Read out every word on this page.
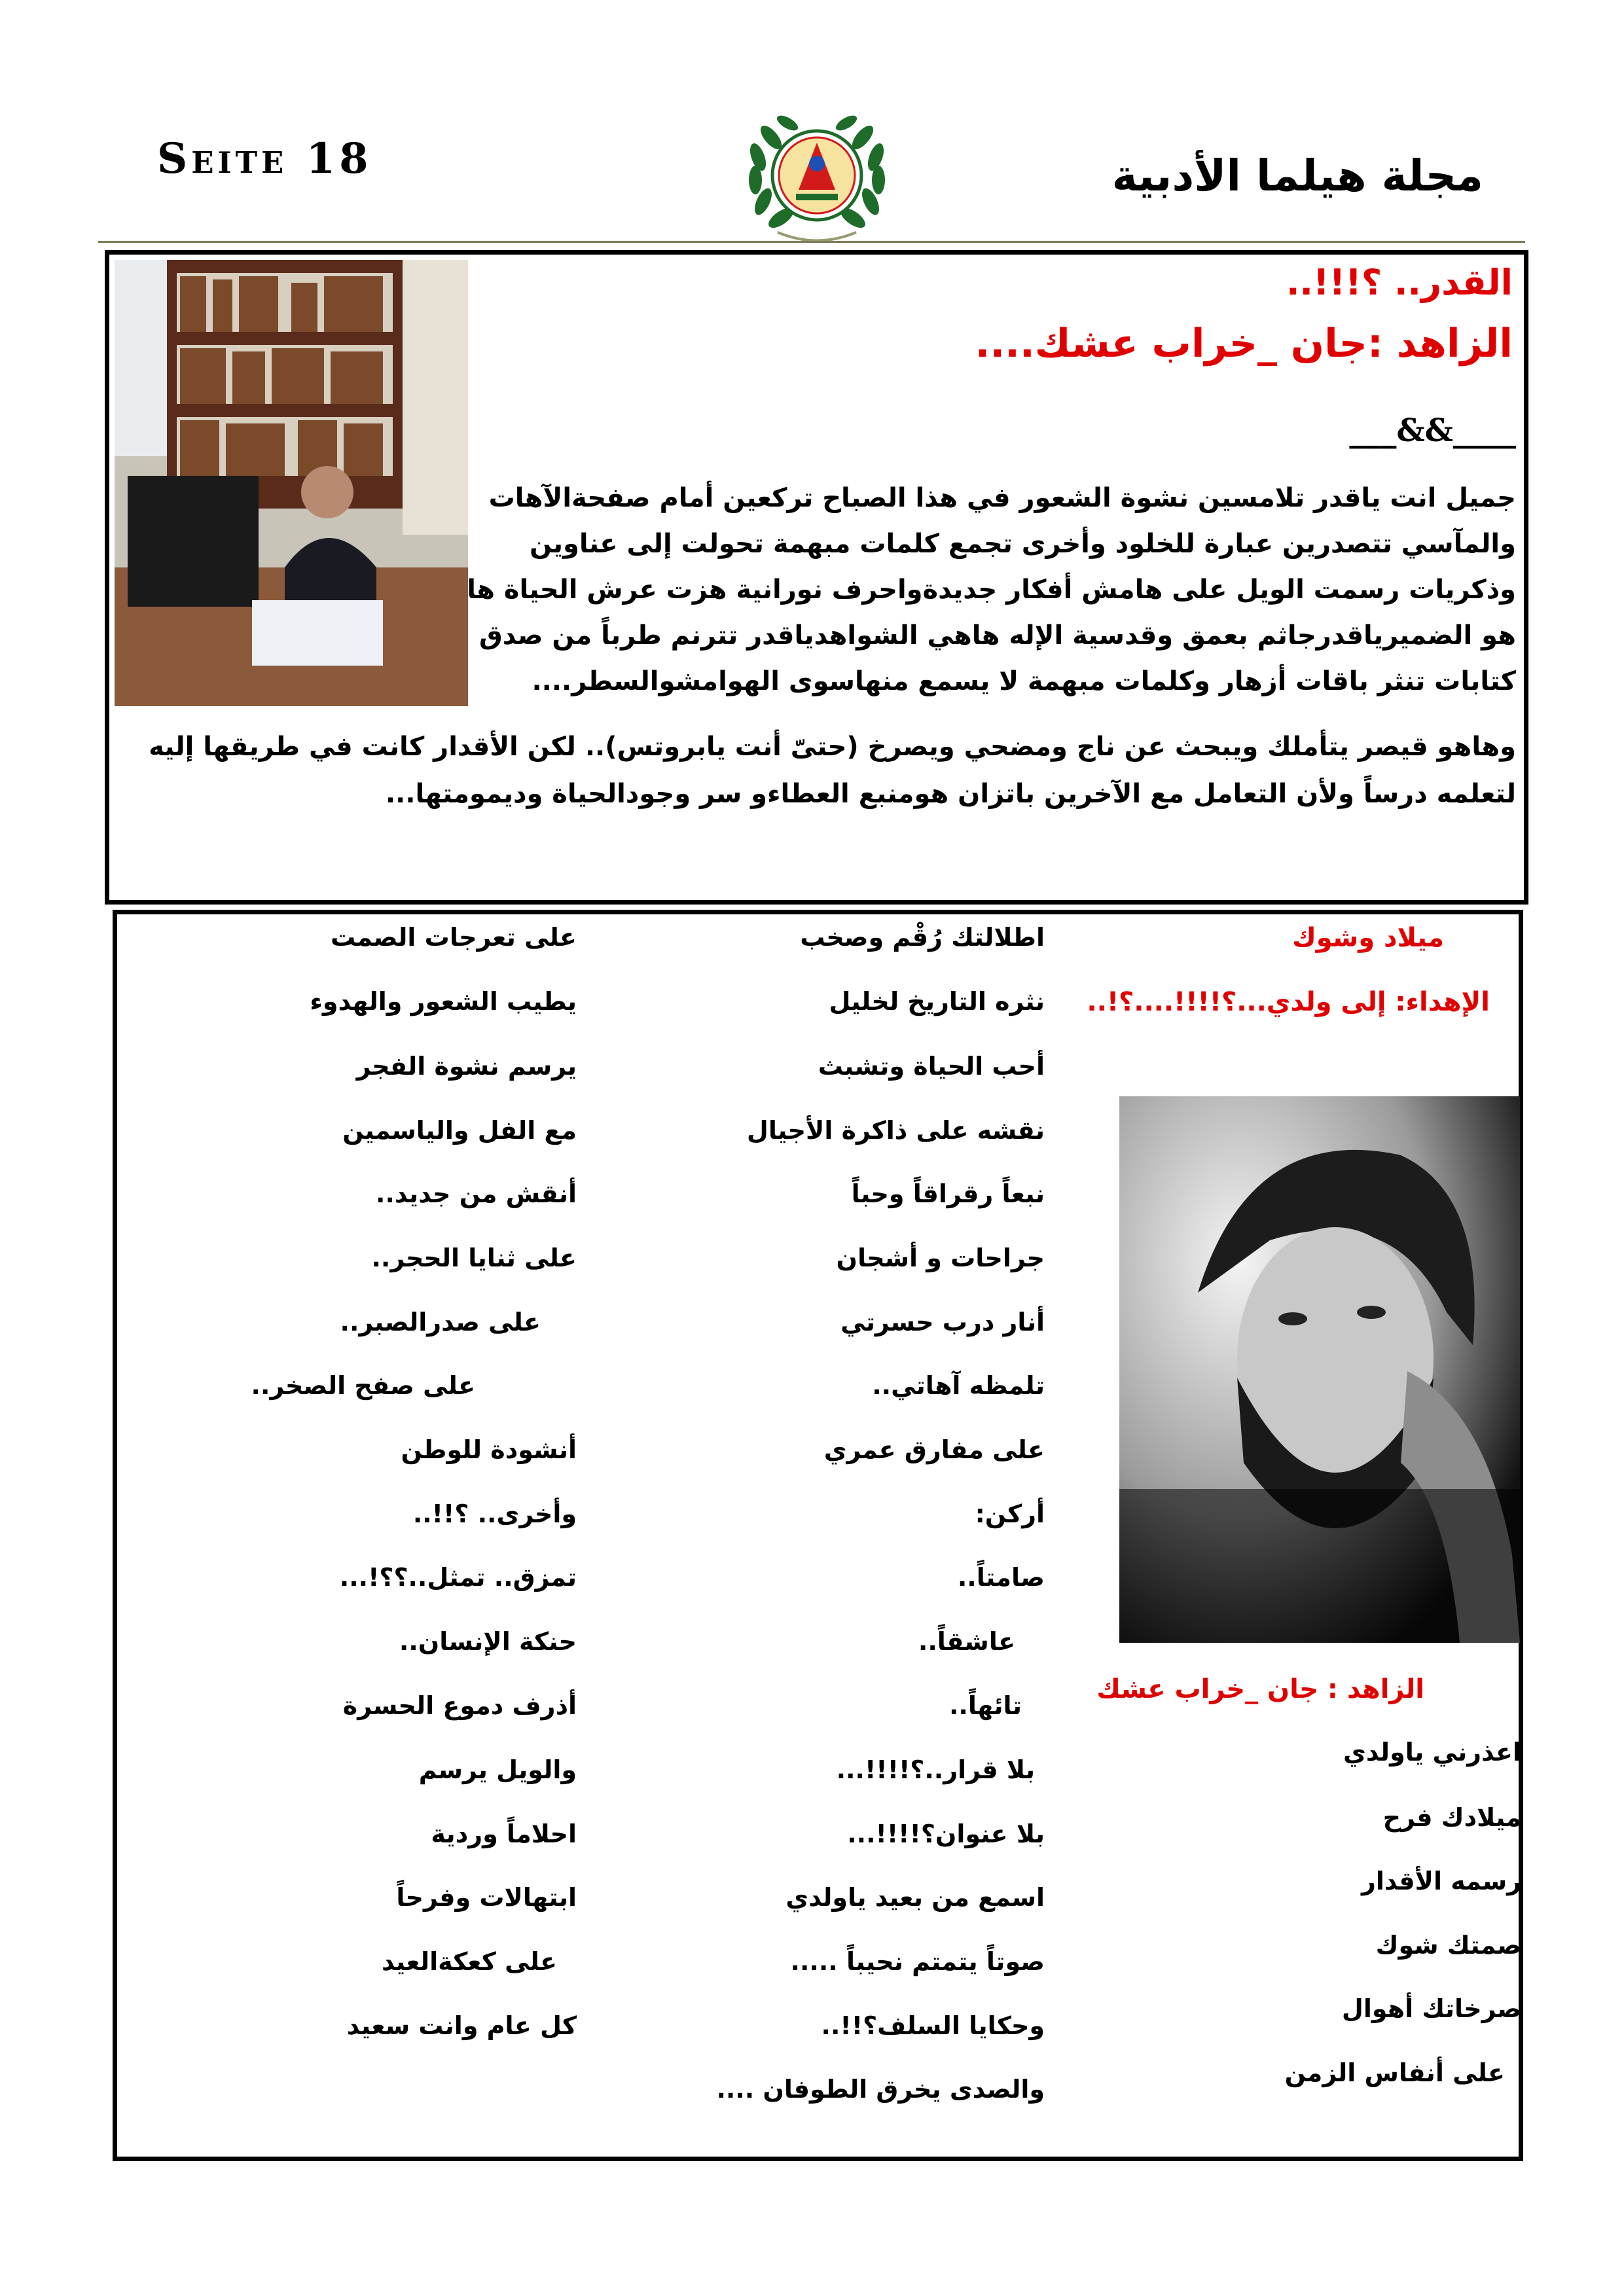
Seite 18	مجلة هيلما الأدبية
القدر.. ؟!!!..
الزاهد :جان _خراب عشك....
___&&____
جميل انت ياقدر تلامسين نشوة الشعور في هذا الصباح تركعين أمام صفحةالآهات
والمآسي تتصدرين عبارة للخلود وأخرى تجمع كلمات مبهمة تحولت إلى عناوين
وذكريات رسمت الويل على هامش أفكار جديدةواحرف نورانية هزت عرش الحياة ها
هو الضميرياقدرجاثم بعمق وقدسية الإله هاهي الشواهدياقدر تترنم طرباً من صدق
كتابات تنثر باقات أزهار وكلمات مبهمة لا يسمع منهاسوى الهوامشوالسطر....
وهاهو قيصر يتأملك ويبحث عن ناج ومضحي ويصرخ (حتىّ أنت يابروتس).. لكن الأقدار كانت في طريقها إليه
لتعلمه درساً ولأن التعامل مع الآخرين باتزان هومنبع العطاءو سر وجودالحياة وديمومتها...
ميلاد وشوك
الإهداء: إلى ولدي...؟!!!!....؟!..
الزاهد : جان _خراب عشك
اعذرني ياولدي
ميلادك فرح
رسمه الأقدار
صمتك شوك
صرخاتك أهوال
على أنفاس الزمن
اطلالتك رُقْم وصخب
نثره التاريخ لخليل
أحب الحياة وتشبث
نقشه على ذاكرة الأجيال
نبعاً رقراقاً وحباً
جراحات و أشجان
أنار درب حسرتي
تلمظه آهاتي..
على مفارق عمري
أركن:
صامتاً..
عاشقاً..
تائهاً..
بلا قرار..؟!!!!...
بلا عنوان؟!!!!...
اسمع من بعيد ياولدي
صوتاً يتمتم نحيباً .....
وحكايا السلف؟!!..
والصدى يخرق الطوفان ....
على تعرجات الصمت
يطيب الشعور والهدوء
يرسم نشوة الفجر
مع الفل والياسمين
أنقش من جديد..
على ثنايا الحجر..
على صدرالصبر..
على صفح الصخر..
أنشودة للوطن
وأخرى.. ؟!!..
تمزق.. تمثل..؟؟!...
حنكة الإنسان..
أذرف دموع الحسرة
والويل يرسم
احلاماً وردية
ابتهالات وفرحاً
على كعكةالعيد
كل عام وانت سعيد
